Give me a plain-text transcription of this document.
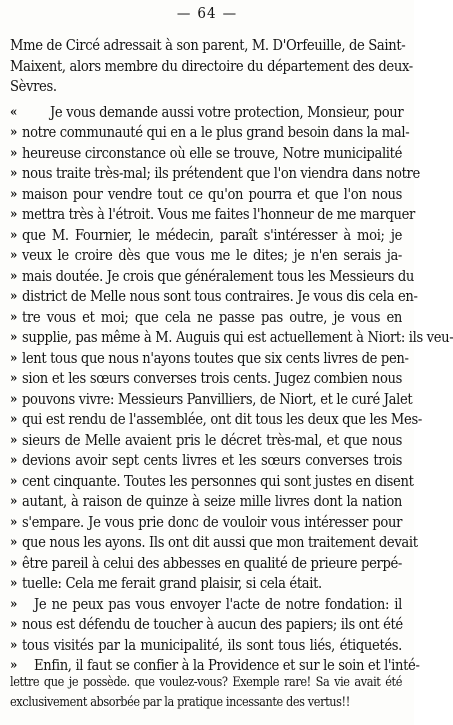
— 64 —
Mme de Circé adressait à son parent, M. D'Orfeuille, de Saint-
Maixent, alors membre du directoire du département des deux-
Sèvres.
« Je vous demande aussi votre protection, Monsieur, pour
» notre communauté qui en a le plus grand besoin dans la mal-
» heureuse circonstance où elle se trouve, Notre municipalité
» nous traite très-mal; ils prétendent que l'on viendra dans notre
» maison pour vendre tout ce qu'on pourra et que l'on nous
» mettra très à l'étroit. Vous me faites l'honneur de me marquer
» que M. Fournier, le médecin, paraît s'intéresser à moi; je
» veux le croire dès que vous me le dites; je n'en serais ja-
» mais doutée. Je crois que généralement tous les Messieurs du
» district de Melle nous sont tous contraires. Je vous dis cela en-
» tre vous et moi; que cela ne passe pas outre, je vous en
» supplie, pas même à M. Auguis qui est actuellement à Niort: ils veu-
» lent tous que nous n'ayons toutes que six cents livres de pen-
» sion et les sœurs converses trois cents. Jugez combien nous
» pouvons vivre: Messieurs Panvilliers, de Niort, et le curé Jalet
» qui est rendu de l'assemblée, ont dit tous les deux que les Mes-
» sieurs de Melle avaient pris le décret très-mal, et que nous
» devions avoir sept cents livres et les sœurs converses trois
» cent cinquante. Toutes les personnes qui sont justes en disent
» autant, à raison de quinze à seize mille livres dont la nation
» s'empare. Je vous prie donc de vouloir vous intéresser pour
» que nous les ayons. Ils ont dit aussi que mon traitement devait
» être pareil à celui des abbesses en qualité de prieure perpé-
» tuelle: Cela me ferait grand plaisir, si cela était.
» Je ne peux pas vous envoyer l'acte de notre fondation: il
» nous est défendu de toucher à aucun des papiers; ils ont été
» tous visités par la municipalité, ils sont tous liés, étiquetés.
» Enfin, il faut se confier à la Providence et sur le soin et l'inté-
lettre que je possède. que voulez-vous? Exemple rare! Sa vie avait été
exclusivement absorbée par la pratique incessante des vertus!!
